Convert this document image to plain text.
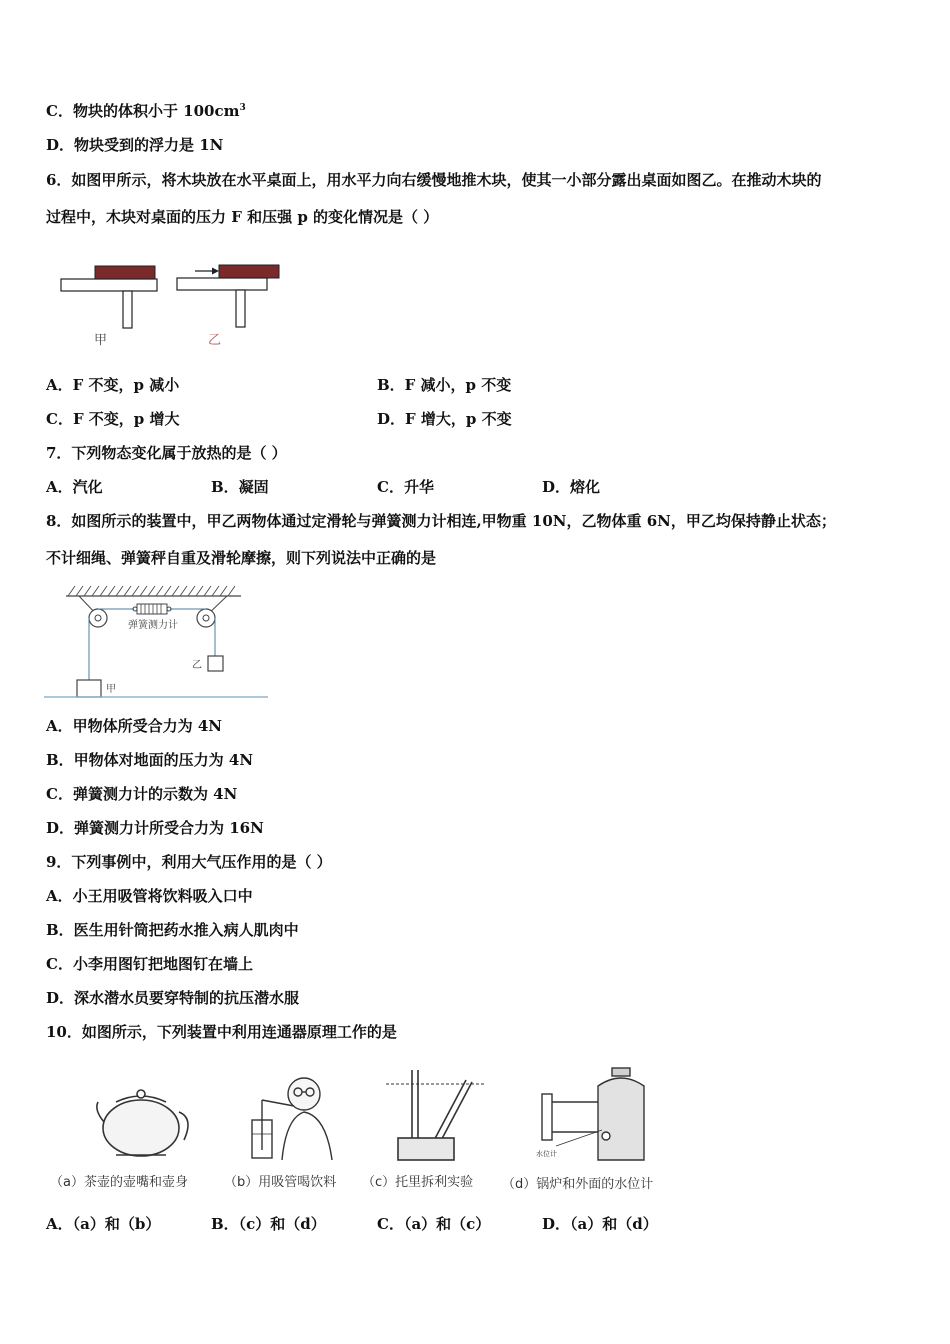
C．物块的体积小于 $100cm^3$
D．物块受到的浮力是 1N
6．如图甲所示，将木块放在水平桌面上，用水平力向右缓慢地推木块，使其一小部分露出桌面如图乙。在推动木块的
过程中，木块对桌面的压力 F 和压强 p 的变化情况是（ ）
甲	乙
A．F 不变，p 减小	B．F 减小，p 不变
C．F 不变，p 增大	D．F 增大，p 不变
7．下列物态变化属于放热的是（ ）
A．汽化	B．凝固	C．升华	D．熔化
8．如图所示的装置中，甲乙两物体通过定滑轮与弹簧测力计相连,甲物重 10N，乙物体重 6N，甲乙均保持静止状态；
不计细绳、弹簧秤自重及滑轮摩擦，则下列说法中正确的是
弹簧测力计
乙
甲
A．甲物体所受合力为 4N
B．甲物体对地面的压力为 4N
C．弹簧测力计的示数为 4N
D．弹簧测力计所受合力为 16N
9．下列事例中，利用大气压作用的是（ ）
A．小王用吸管将饮料吸入口中
B．医生用针筒把药水推入病人肌肉中
C．小李用图钉把地图钉在墙上
D．深水潜水员要穿特制的抗压潜水服
10．如图所示，下列装置中利用连通器原理工作的是
水位计
（a）茶壶的壶嘴和壶身	（b）用吸管喝饮料 （c）托里拆利实验 （d）锅炉和外面的水位计
A．（a）和（b）	B．（c）和（d）	C．（a）和（c）	D．（a）和（d）
